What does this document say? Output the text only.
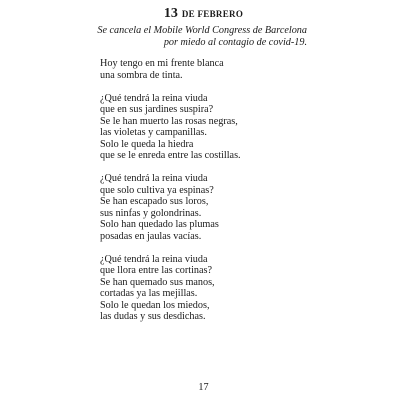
13 DE FEBRERO
Se cancela el Mobile World Congress de Barcelona
por miedo al contagio de covid-19.
Hoy tengo en mi frente blanca
una sombra de tinta.
¿Qué tendrá la reina viuda
que en sus jardines suspira?
Se le han muerto las rosas negras,
las violetas y campanillas.
Solo le queda la hiedra
que se le enreda entre las costillas.
¿Qué tendrá la reina viuda
que solo cultiva ya espinas?
Se han escapado sus loros,
sus ninfas y golondrinas.
Solo han quedado las plumas
posadas en jaulas vacías.
¿Qué tendrá la reina viuda
que llora entre las cortinas?
Se han quemado sus manos,
cortadas ya las mejillas.
Solo le quedan los miedos,
las dudas y sus desdichas.
17
